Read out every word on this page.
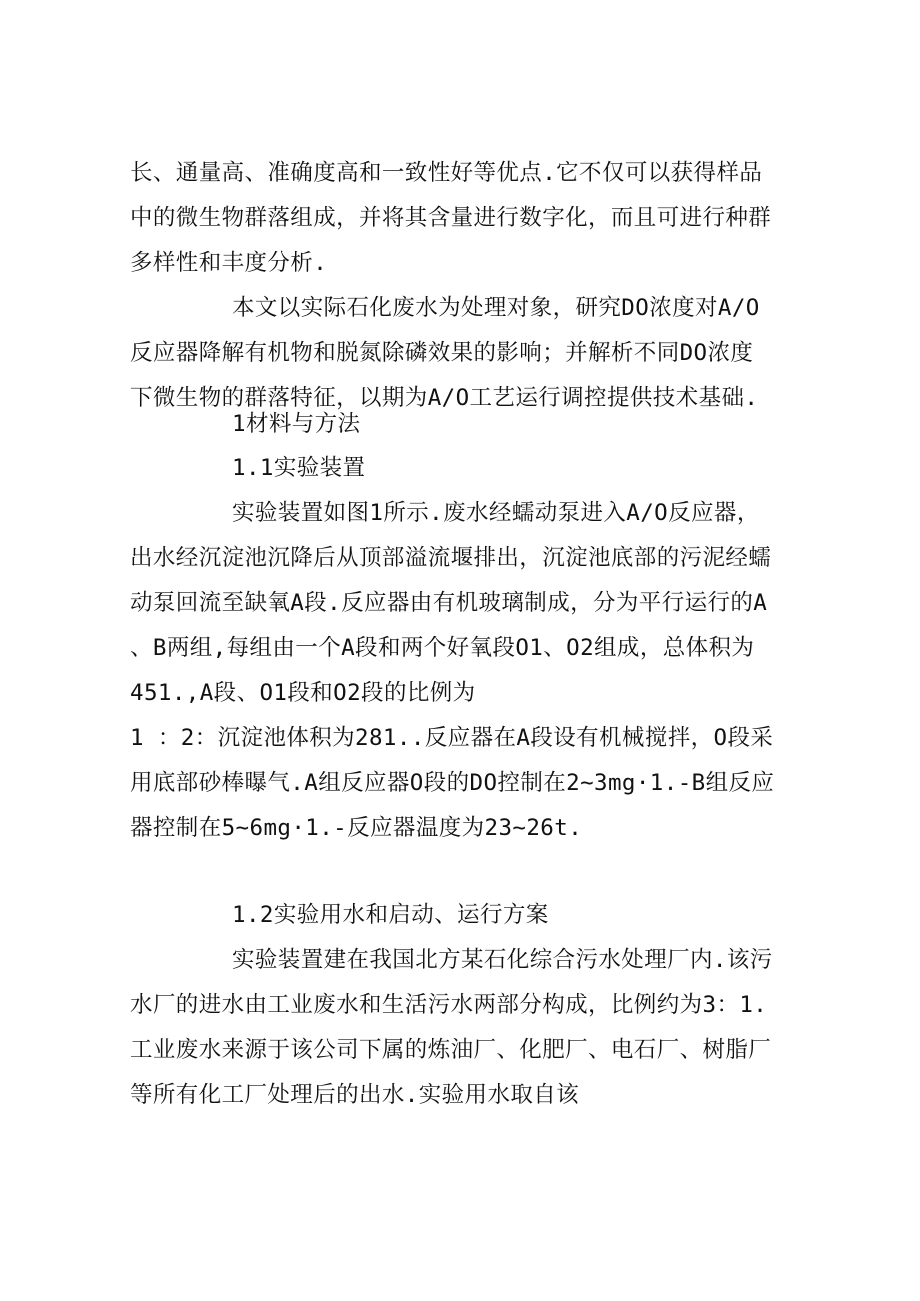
长、通量高、准确度高和一致性好等优点.它不仅可以获得样品
中的微生物群落组成，并将其含量进行数字化，而且可进行种群
多样性和丰度分析.
本文以实际石化废水为处理对象，研究DO浓度对A/O
反应器降解有机物和脱氮除磷效果的影响；并解析不同DO浓度
下微生物的群落特征，以期为A/O工艺运行调控提供技术基础.
1材料与方法
1.1实验装置
实验装置如图1所示.废水经蠕动泵进入A/O反应器，
出水经沉淀池沉降后从顶部溢流堰排出，沉淀池底部的污泥经蠕
动泵回流至缺氧A段.反应器由有机玻璃制成，分为平行运行的A
、B两组,每组由一个A段和两个好氧段O1、O2组成，总体积为
451.,A段、O1段和O2段的比例为
1 ：2：沉淀池体积为281..反应器在A段设有机械搅拌，O段采
用底部砂棒曝气.A组反应器O段的DO控制在2~3mg·1.-B组反应
器控制在5~6mg·1.-反应器温度为23~26t.
1.2实验用水和启动、运行方案
实验装置建在我国北方某石化综合污水处理厂内.该污
水厂的进水由工业废水和生活污水两部分构成，比例约为3：1.
工业废水来源于该公司下属的炼油厂、化肥厂、电石厂、树脂厂
等所有化工厂处理后的出水.实验用水取自该
